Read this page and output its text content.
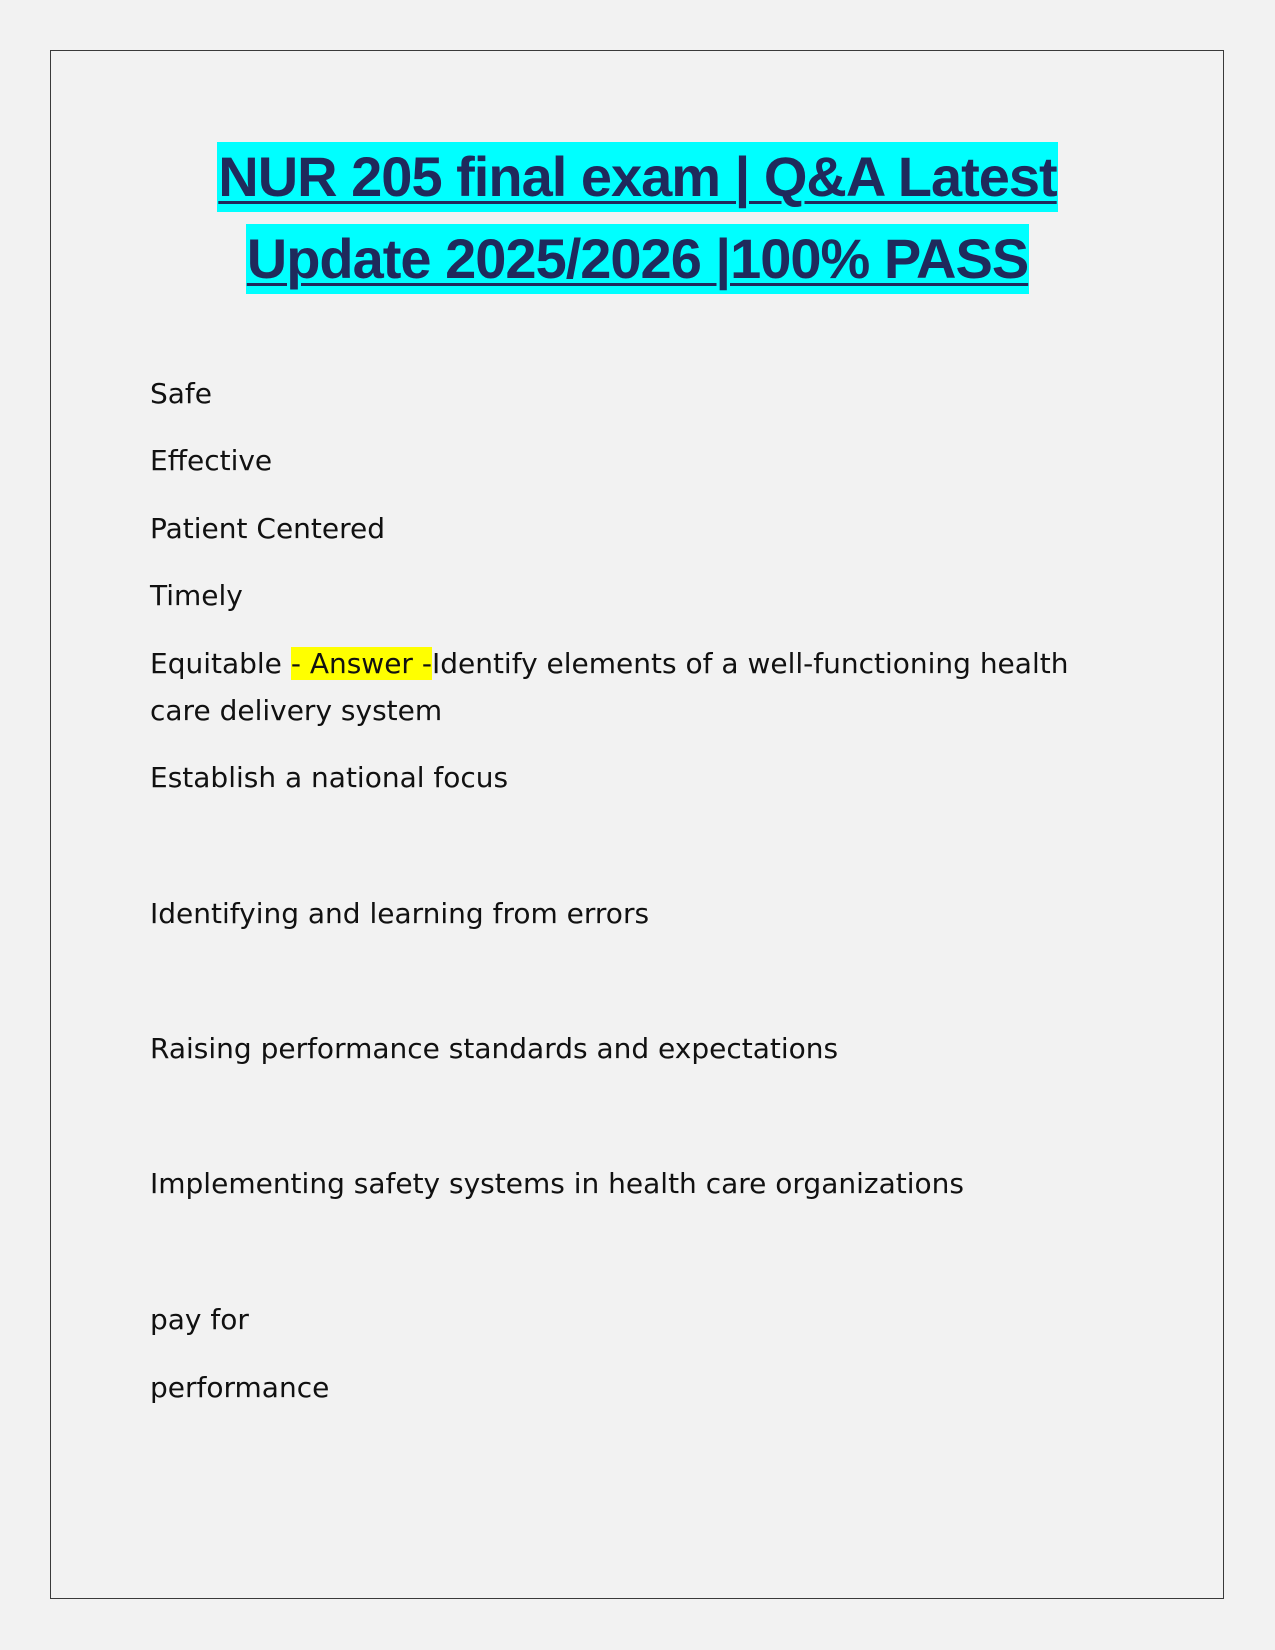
NUR 205 final exam | Q&A Latest
Update 2025/2026 |100% PASS
Safe
Effective
Patient Centered
Timely
Equitable - Answer -Identify elements of a well-functioning health care delivery system
Establish a national focus
Identifying and learning from errors
Raising performance standards and expectations
Implementing safety systems in health care organizations
pay for
performance
